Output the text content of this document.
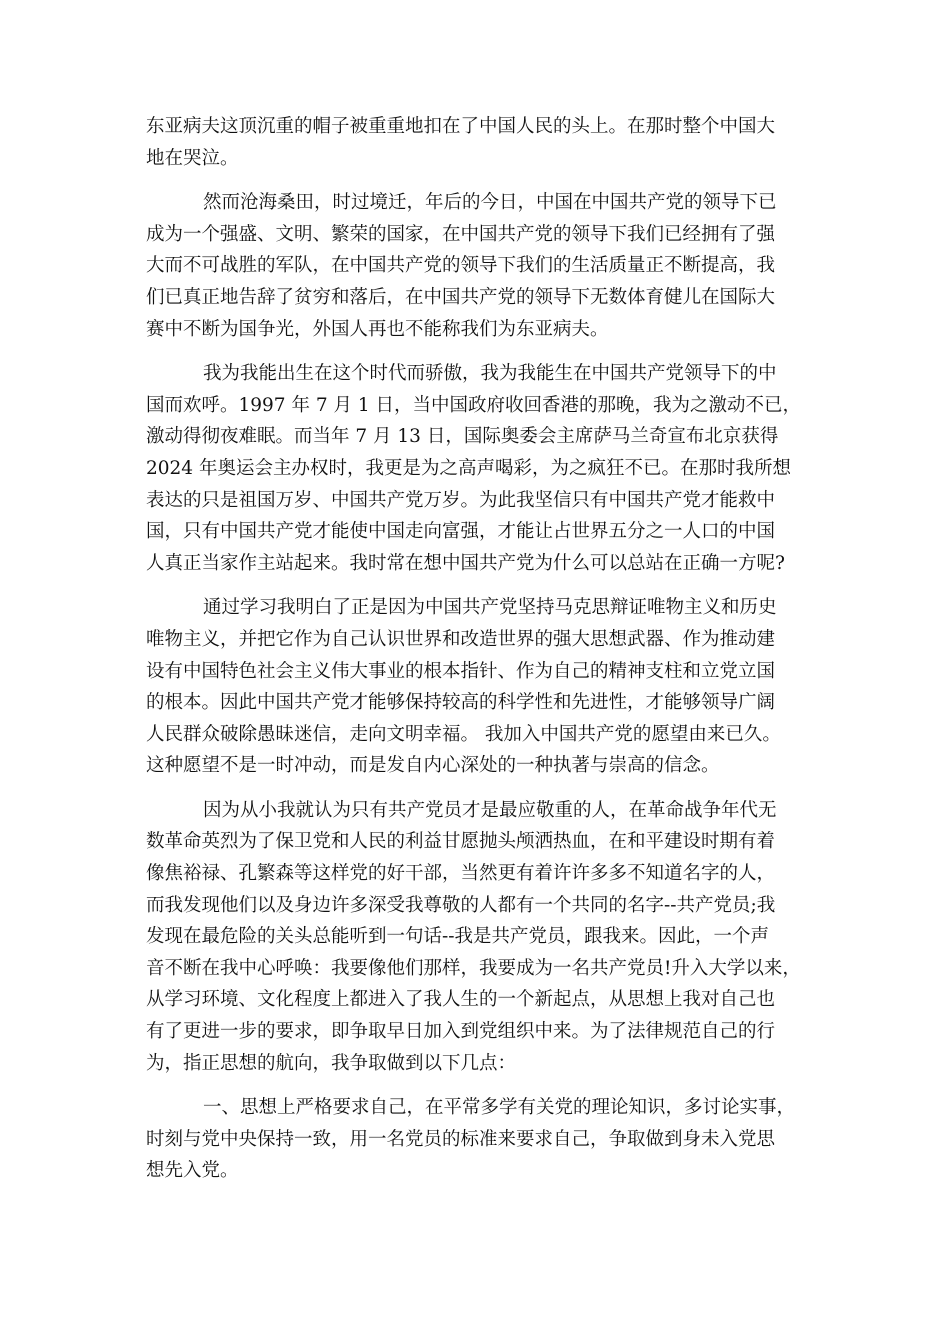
东亚病夫这顶沉重的帽子被重重地扣在了中国人民的头上。在那时整个中国大
地在哭泣。
然而沧海桑田，时过境迁，年后的今日，中国在中国共产党的领导下已
成为一个强盛、文明、繁荣的国家，在中国共产党的领导下我们已经拥有了强
大而不可战胜的军队，在中国共产党的领导下我们的生活质量正不断提高，我
们已真正地告辞了贫穷和落后，在中国共产党的领导下无数体育健儿在国际大
赛中不断为国争光，外国人再也不能称我们为东亚病夫。
我为我能出生在这个时代而骄傲，我为我能生在中国共产党领导下的中
国而欢呼。1997 年 7 月 1 日，当中国政府收回香港的那晚，我为之激动不已，
激动得彻夜难眠。而当年 7 月 13 日，国际奥委会主席萨马兰奇宣布北京获得
2024 年奥运会主办权时，我更是为之高声喝彩，为之疯狂不已。在那时我所想
表达的只是祖国万岁、中国共产党万岁。为此我坚信只有中国共产党才能救中
国，只有中国共产党才能使中国走向富强，才能让占世界五分之一人口的中国
人真正当家作主站起来。我时常在想中国共产党为什么可以总站在正确一方呢?
通过学习我明白了正是因为中国共产党坚持马克思辩证唯物主义和历史
唯物主义，并把它作为自己认识世界和改造世界的强大思想武器、作为推动建
设有中国特色社会主义伟大事业的根本指针、作为自己的精神支柱和立党立国
的根本。因此中国共产党才能够保持较高的科学性和先进性，才能够领导广阔
人民群众破除愚昧迷信，走向文明幸福。 我加入中国共产党的愿望由来已久。
这种愿望不是一时冲动，而是发自内心深处的一种执著与崇高的信念。
因为从小我就认为只有共产党员才是最应敬重的人，在革命战争年代无
数革命英烈为了保卫党和人民的利益甘愿抛头颅洒热血，在和平建设时期有着
像焦裕禄、孔繁森等这样党的好干部，当然更有着许许多多不知道名字的人，
而我发现他们以及身边许多深受我尊敬的人都有一个共同的名字--共产党员;我
发现在最危险的关头总能听到一句话--我是共产党员，跟我来。因此，一个声
音不断在我中心呼唤：我要像他们那样，我要成为一名共产党员!升入大学以来，
从学习环境、文化程度上都进入了我人生的一个新起点，从思想上我对自己也
有了更进一步的要求，即争取早日加入到党组织中来。为了法律规范自己的行
为，指正思想的航向，我争取做到以下几点：
一、思想上严格要求自己，在平常多学有关党的理论知识，多讨论实事，
时刻与党中央保持一致，用一名党员的标准来要求自己，争取做到身未入党思
想先入党。
